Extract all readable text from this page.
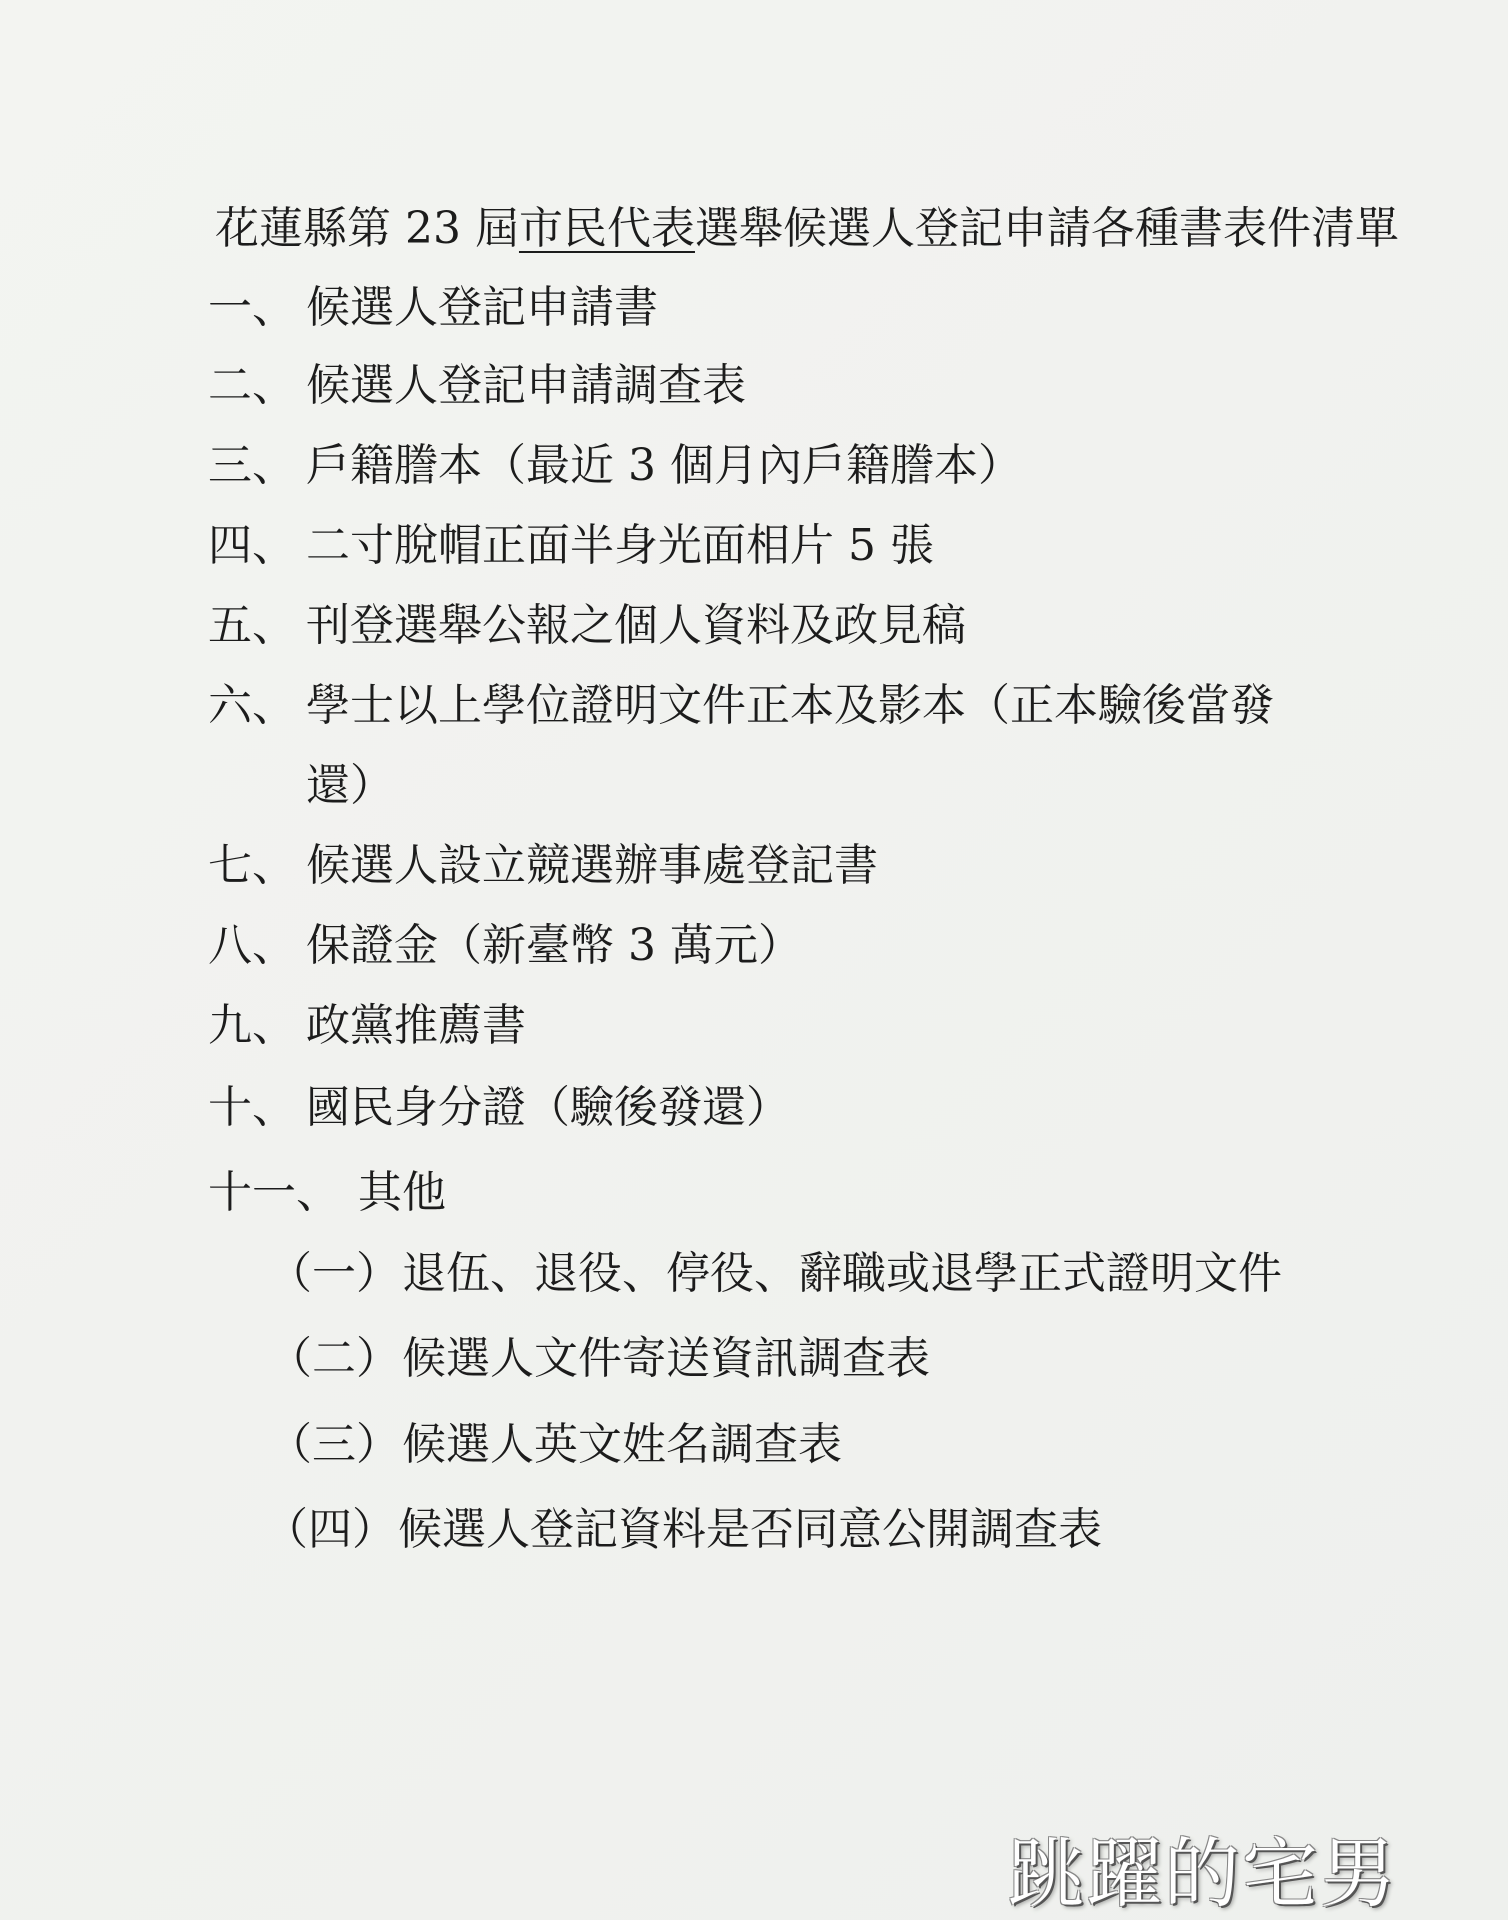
花蓮縣第 23 屆市民代表選舉候選人登記申請各種書表件清單
一、 候選人登記申請書
二、 候選人登記申請調查表
三、 戶籍謄本（最近 3 個月內戶籍謄本）
四、 二寸脫帽正面半身光面相片 5 張
五、 刊登選舉公報之個人資料及政見稿
六、 學士以上學位證明文件正本及影本（正本驗後當發
還）
七、 候選人設立競選辦事處登記書
八、 保證金（新臺幣 3 萬元）
九、 政黨推薦書
十、 國民身分證（驗後發還）
十一、 其他
（一）退伍、退役、停役、辭職或退學正式證明文件
（二）候選人文件寄送資訊調查表
（三）候選人英文姓名調查表
（四）候選人登記資料是否同意公開調查表
跳躍的宅男
